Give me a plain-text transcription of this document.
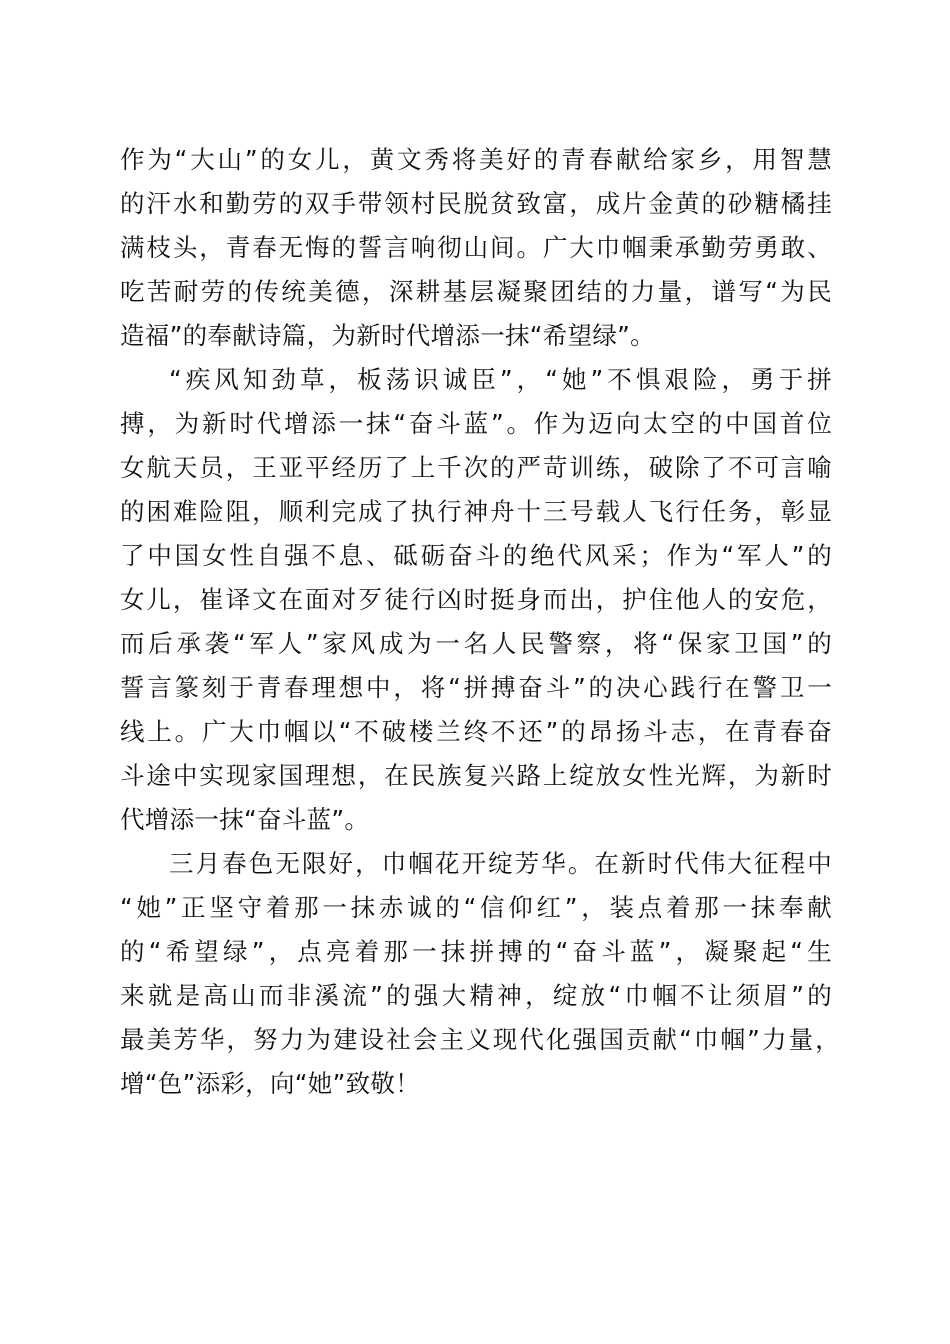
作为“大山”的女儿，黄文秀将美好的青春献给家乡，用智慧
的汗水和勤劳的双手带领村民脱贫致富，成片金黄的砂糖橘挂
满枝头，青春无悔的誓言响彻山间。广大巾帼秉承勤劳勇敢、
吃苦耐劳的传统美德，深耕基层凝聚团结的力量，谱写“为民
造福”的奉献诗篇，为新时代增添一抹“希望绿”。
“疾风知劲草，板荡识诚臣”，“她”不惧艰险，勇于拼
搏，为新时代增添一抹“奋斗蓝”。作为迈向太空的中国首位
女航天员，王亚平经历了上千次的严苛训练，破除了不可言喻
的困难险阻，顺利完成了执行神舟十三号载人飞行任务，彰显
了中国女性自强不息、砥砺奋斗的绝代风采；作为“军人”的
女儿，崔译文在面对歹徒行凶时挺身而出，护住他人的安危，
而后承袭“军人”家风成为一名人民警察，将“保家卫国”的
誓言篆刻于青春理想中，将“拼搏奋斗”的决心践行在警卫一
线上。广大巾帼以“不破楼兰终不还”的昂扬斗志，在青春奋
斗途中实现家国理想，在民族复兴路上绽放女性光辉，为新时
代增添一抹“奋斗蓝”。
三月春色无限好，巾帼花开绽芳华。在新时代伟大征程中
“她”正坚守着那一抹赤诚的“信仰红”，装点着那一抹奉献
的“希望绿”，点亮着那一抹拼搏的“奋斗蓝”，凝聚起“生
来就是高山而非溪流”的强大精神，绽放“巾帼不让须眉”的
最美芳华，努力为建设社会主义现代化强国贡献“巾帼”力量，
增“色”添彩，向“她”致敬！
